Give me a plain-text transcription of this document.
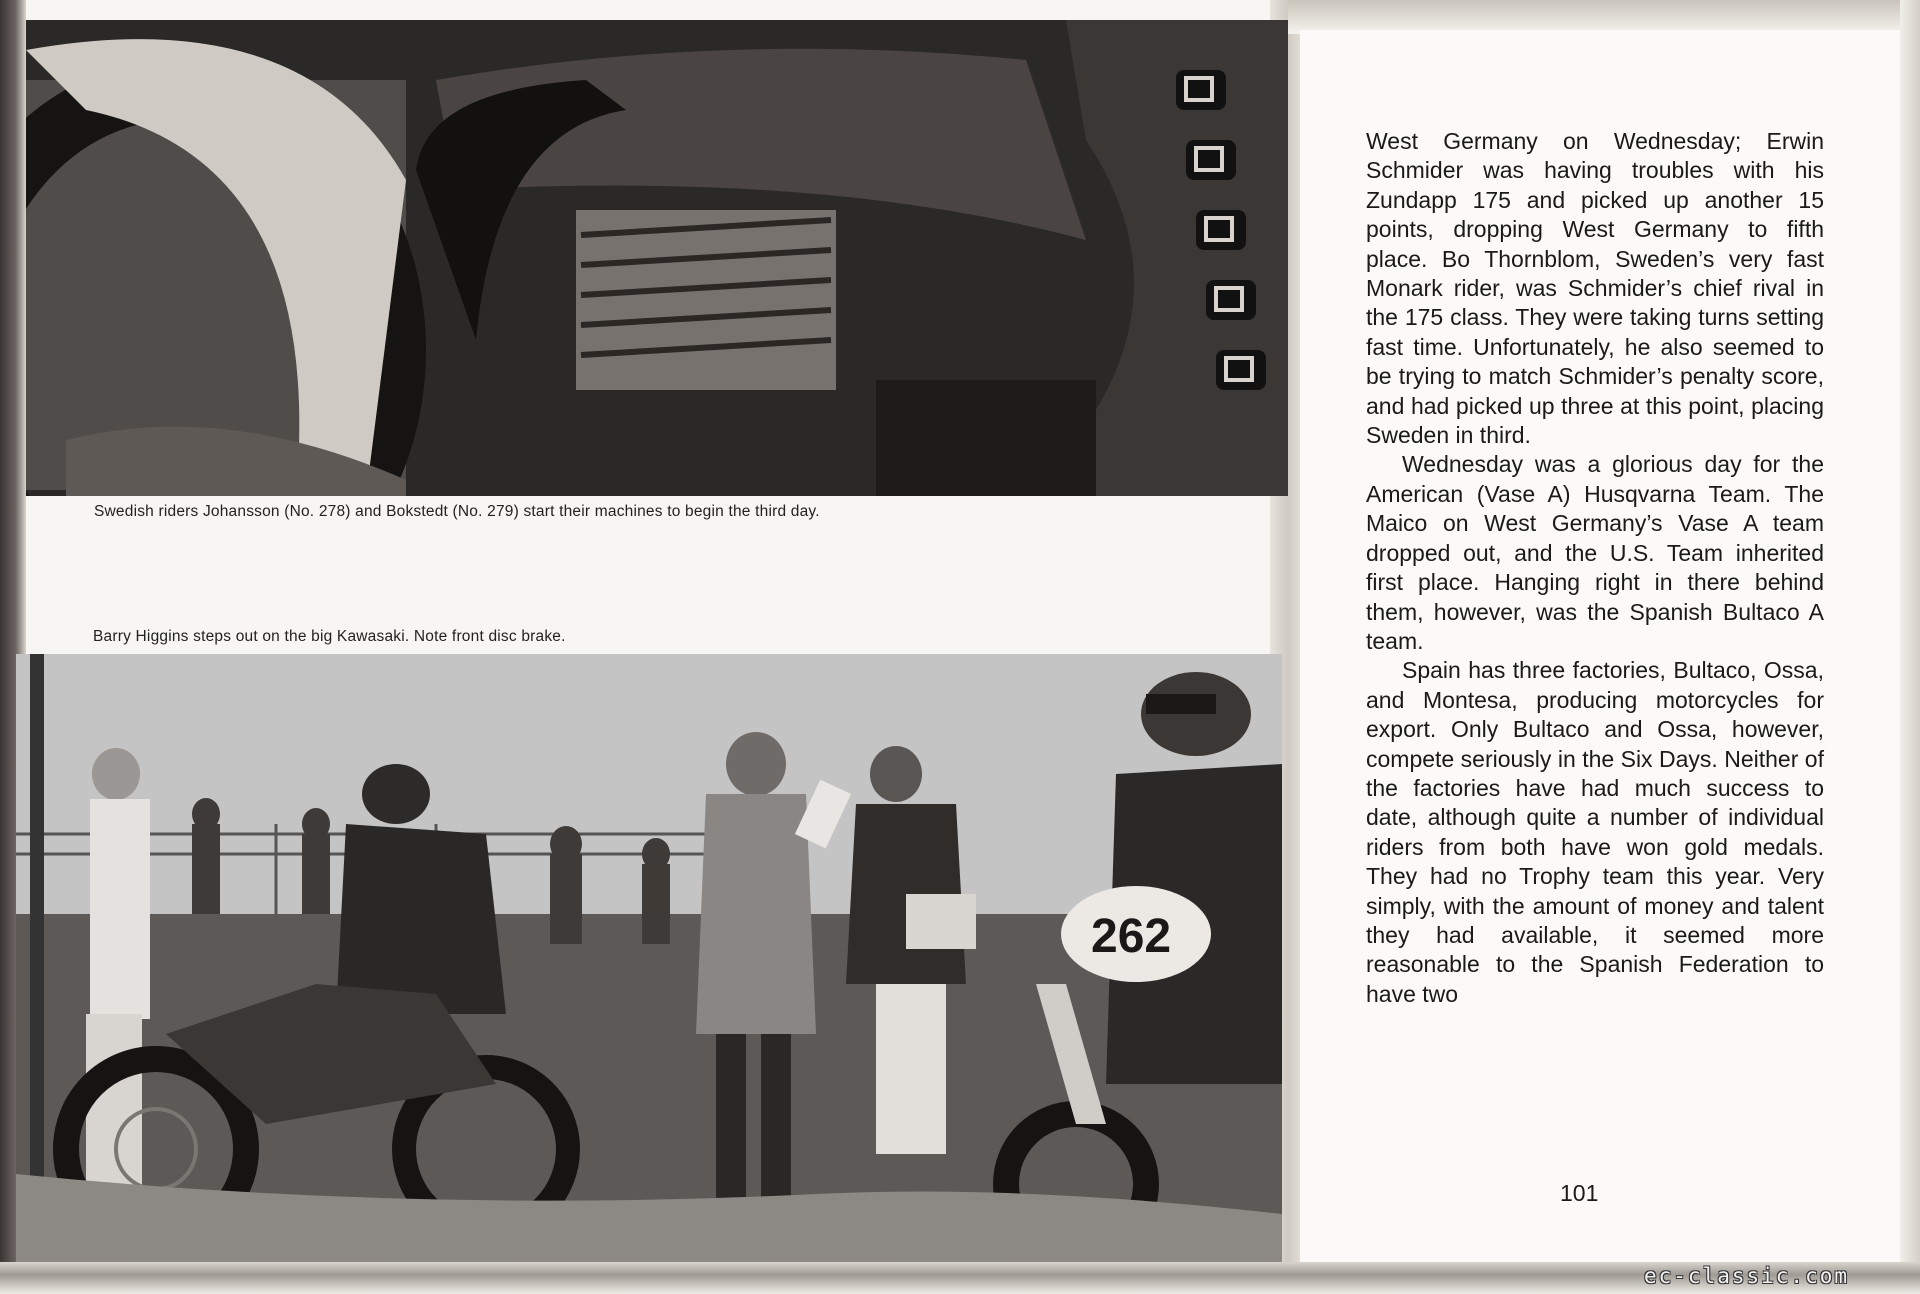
Swedish riders Johansson (No. 278) and Bokstedt (No. 279) start their machines to begin the third day.
Barry Higgins steps out on the big Kawasaki. Note front disc brake.
262

West Germany on Wednesday; Erwin Schmider was having troubles with his Zundapp 175 and picked up another 15 points, dropping West Germany to fifth place. Bo Thornblom, Sweden’s very fast Monark rider, was Schmider’s chief rival in the 175 class. They were taking turns setting fast time. Unfortunately, he also seemed to be trying to match Schmider’s penalty score, and had picked up three at this point, placing Sweden in third.

Wednesday was a glorious day for the American (Vase A) Husqvarna Team. The Maico on West Germany’s Vase A team dropped out, and the U.S. Team inherited first place. Hanging right in there behind them, however, was the Spanish Bultaco A team.

Spain has three factories, Bultaco, Ossa, and Montesa, producing motorcycles for export. Only Bultaco and Ossa, however, compete seriously in the Six Days. Neither of the factories have had much success to date, although quite a number of individual riders from both have won gold medals. They had no Trophy team this year. Very simply, with the amount of money and talent they had available, it seemed more reasonable to the Spanish Federation to have two

101
ec-classic.com
